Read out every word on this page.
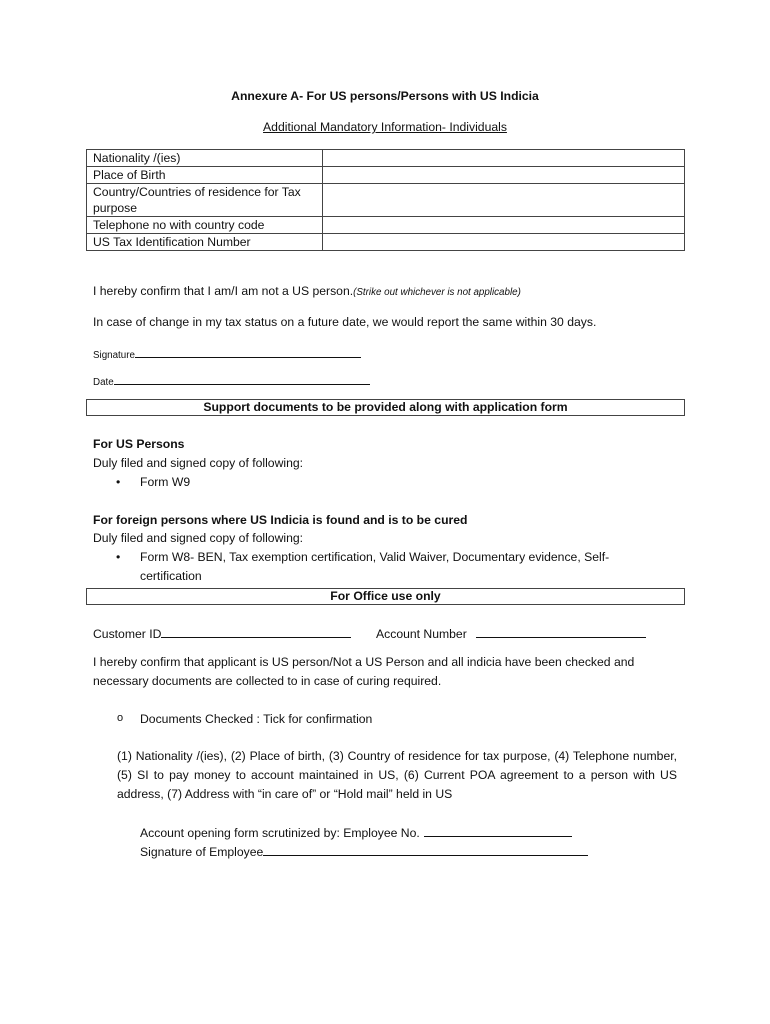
Annexure A- For US persons/Persons with US Indicia
Additional Mandatory Information- Individuals
Nationality /(ies)	
Place of Birth	
Country/Countries of residence for Tax purpose	
Telephone no with country code	
US Tax Identification Number	
I hereby confirm that I am/I am not a US person.(Strike out whichever is not applicable)
In case of change in my tax status on a future date, we would report the same within 30 days.
Signature
Date
Support documents to be provided along with application form
For US Persons
Duly filed and signed copy of following:
• Form W9
For foreign persons where US Indicia is found and is to be cured
Duly filed and signed copy of following:
• Form W8- BEN, Tax exemption certification, Valid Waiver, Documentary evidence, Self-certification
For Office use only
Customer ID	Account Number
I hereby confirm that applicant is US person/Not a US Person and all indicia have been checked and necessary documents are collected to in case of curing required.
o Documents Checked : Tick for confirmation
(1) Nationality /(ies), (2) Place of birth, (3) Country of residence for tax purpose, (4) Telephone number,(5) SI to pay money to account maintained in US, (6) Current POA agreement to a person with US address, (7) Address with “in care of” or “Hold mail” held in US
Account opening form scrutinized by: Employee No.
Signature of Employee
